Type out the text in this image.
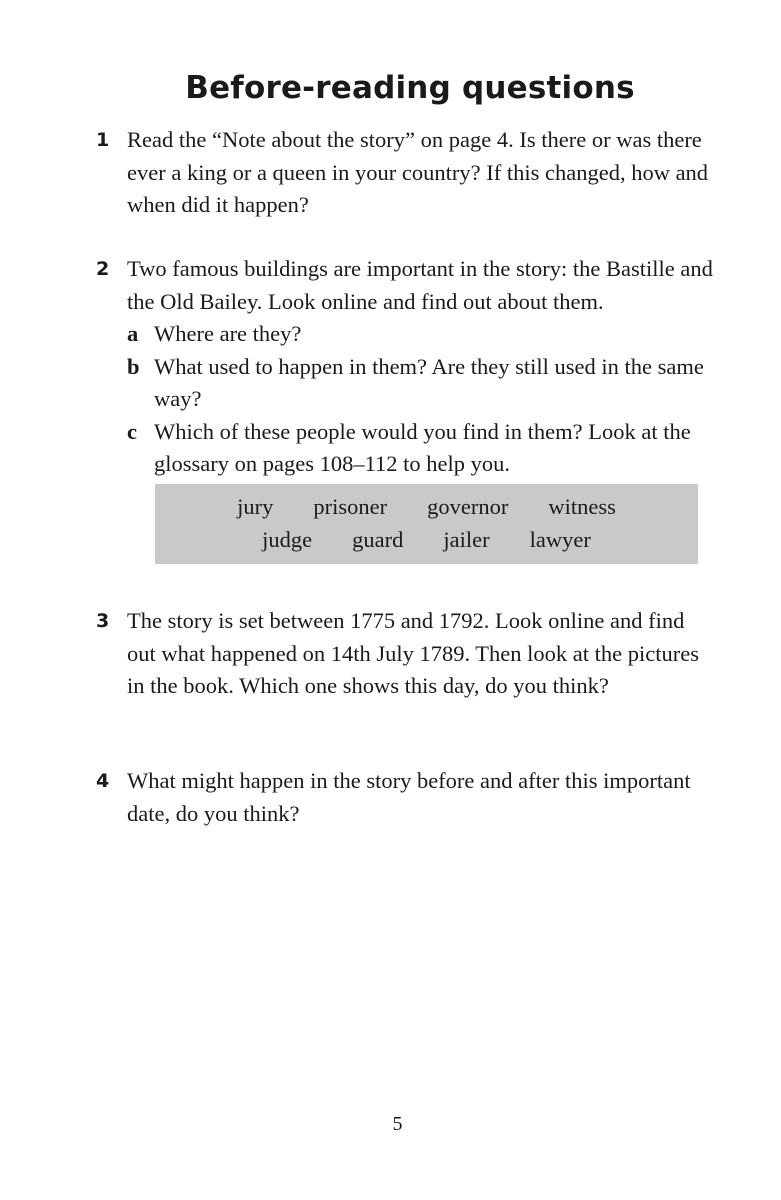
Before-reading questions
1 Read the “Note about the story” on page 4. Is there or was there ever a king or a queen in your country? If this changed, how and when did it happen?
2 Two famous buildings are important in the story: the Bastille and the Old Bailey. Look online and find out about them.
a Where are they?
b What used to happen in them? Are they still used in the same way?
c Which of these people would you find in them? Look at the glossary on pages 108–112 to help you.
jury prisoner governor witness
judge guard jailer lawyer
3 The story is set between 1775 and 1792. Look online and find out what happened on 14th July 1789. Then look at the pictures in the book. Which one shows this day, do you think?
4 What might happen in the story before and after this important date, do you think?
5
